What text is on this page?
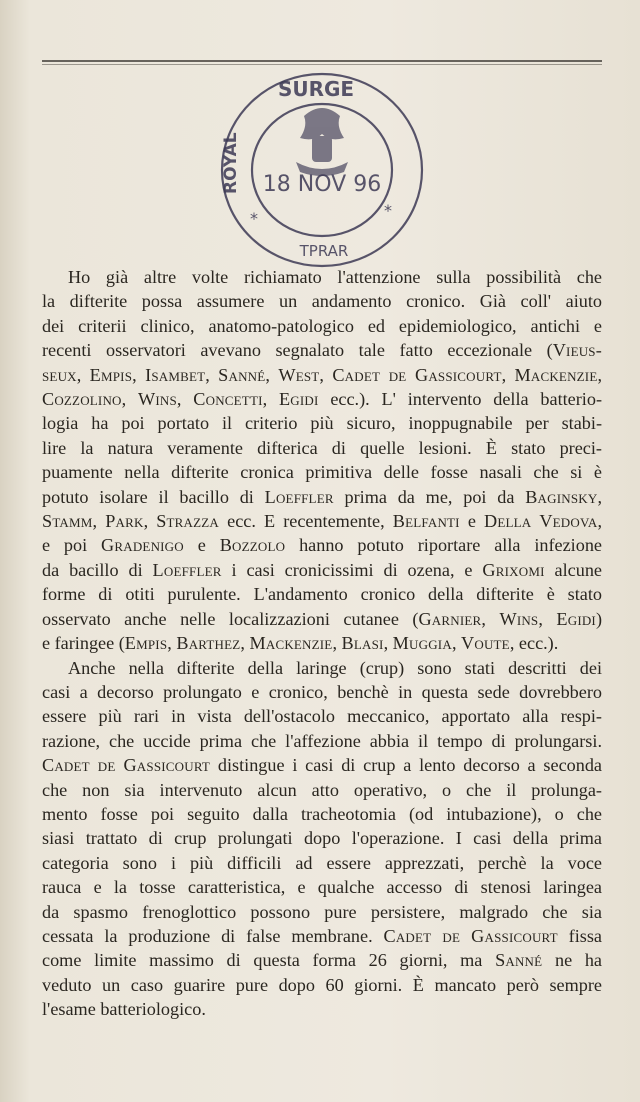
SURGE
ROYAL 18 NOV 96
TPRAR
*	*
Ho già altre volte richiamato l'attenzione sulla possibilità che
la difterite possa assumere un andamento cronico. Già coll' aiuto
dei criterii clinico, anatomo-patologico ed epidemiologico, antichi e
recenti osservatori avevano segnalato tale fatto eccezionale (Vieus-
seux, Empis, Isambet, Sanné, West, Cadet de Gassicourt, Mackenzie,
Cozzolino, Wins, Concetti, Egidi ecc.). L' intervento della batterio-
logia ha poi portato il criterio più sicuro, inoppugnabile per stabi-
lire la natura veramente difterica di quelle lesioni. È stato preci-
puamente nella difterite cronica primitiva delle fosse nasali che si è
potuto isolare il bacillo di Loeffler prima da me, poi da Baginsky,
Stamm, Park, Strazza ecc. E recentemente, Belfanti e Della Vedova,
e poi Gradenigo e Bozzolo hanno potuto riportare alla infezione
da bacillo di Loeffler i casi cronicissimi di ozena, e Grixomi alcune
forme di otiti purulente. L'andamento cronico della difterite è stato
osservato anche nelle localizzazioni cutanee (Garnier, Wins, Egidi)
e faringee (Empis, Barthez, Mackenzie, Blasi, Muggia, Voute, ecc.).
Anche nella difterite della laringe (crup) sono stati descritti dei
casi a decorso prolungato e cronico, benchè in questa sede dovrebbero
essere più rari in vista dell'ostacolo meccanico, apportato alla respi-
razione, che uccide prima che l'affezione abbia il tempo di prolungarsi.
Cadet de Gassicourt distingue i casi di crup a lento decorso a seconda
che non sia intervenuto alcun atto operativo, o che il prolunga-
mento fosse poi seguito dalla tracheotomia (od intubazione), o che
siasi trattato di crup prolungati dopo l'operazione. I casi della prima
categoria sono i più difficili ad essere apprezzati, perchè la voce
rauca e la tosse caratteristica, e qualche accesso di stenosi laringea
da spasmo frenoglottico possono pure persistere, malgrado che sia
cessata la produzione di false membrane. Cadet de Gassicourt fissa
come limite massimo di questa forma 26 giorni, ma Sanné ne ha
veduto un caso guarire pure dopo 60 giorni. È mancato però sempre
l'esame batteriologico.
